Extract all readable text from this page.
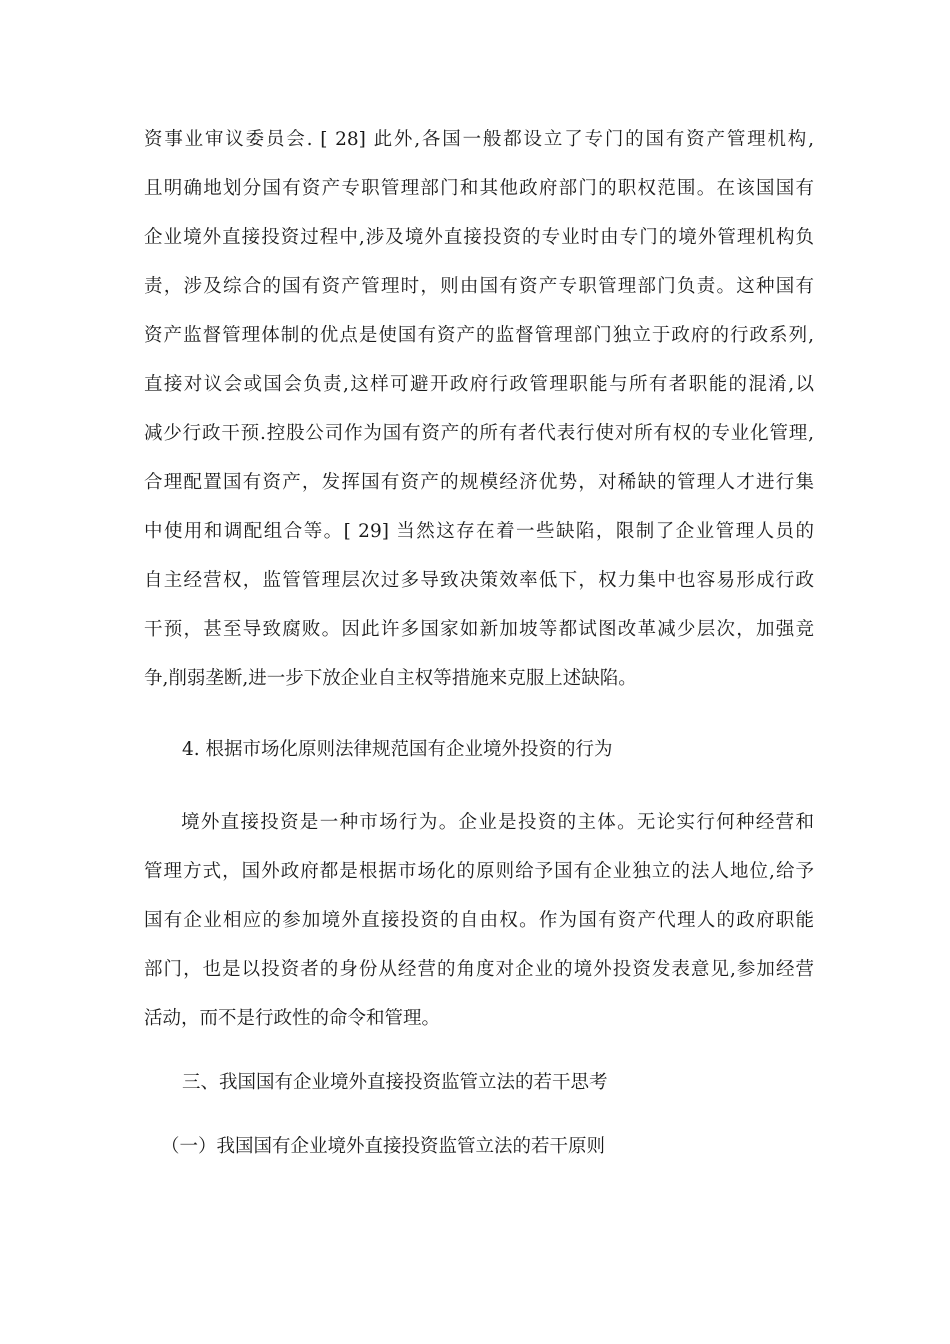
资事业审议委员会. [ 28] 此外,各国一般都设立了专门的国有资产管理机构,
且明确地划分国有资产专职管理部门和其他政府部门的职权范围。在该国国有
企业境外直接投资过程中,涉及境外直接投资的专业时由专门的境外管理机构负
责，涉及综合的国有资产管理时，则由国有资产专职管理部门负责。这种国有
资产监督管理体制的优点是使国有资产的监督管理部门独立于政府的行政系列,
直接对议会或国会负责,这样可避开政府行政管理职能与所有者职能的混淆,以
减少行政干预.控股公司作为国有资产的所有者代表行使对所有权的专业化管理,
合理配置国有资产，发挥国有资产的规模经济优势，对稀缺的管理人才进行集
中使用和调配组合等。[ 29] 当然这存在着一些缺陷，限制了企业管理人员的
自主经营权，监管管理层次过多导致决策效率低下，权力集中也容易形成行政
干预，甚至导致腐败。因此许多国家如新加坡等都试图改革减少层次，加强竞
争,削弱垄断,进一步下放企业自主权等措施来克服上述缺陷。

4. 根据市场化原则法律规范国有企业境外投资的行为

境外直接投资是一种市场行为。企业是投资的主体。无论实行何种经营和
管理方式，国外政府都是根据市场化的原则给予国有企业独立的法人地位,给予
国有企业相应的参加境外直接投资的自由权。作为国有资产代理人的政府职能
部门，也是以投资者的身份从经营的角度对企业的境外投资发表意见,参加经营
活动，而不是行政性的命令和管理。

三、我国国有企业境外直接投资监管立法的若干思考

（一）我国国有企业境外直接投资监管立法的若干原则
